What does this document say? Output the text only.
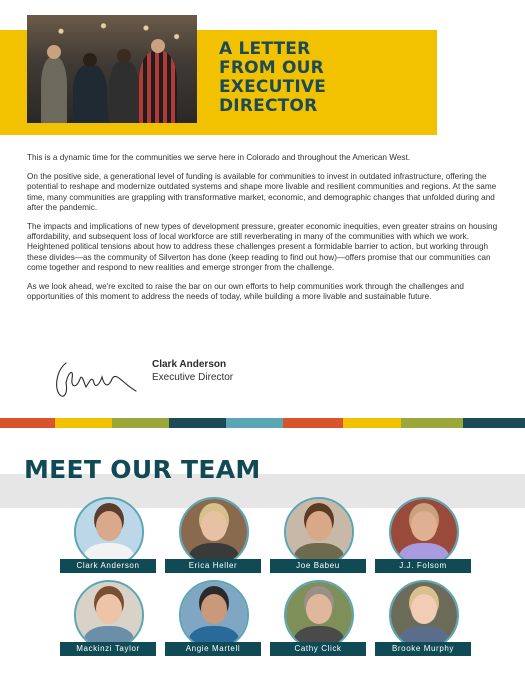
A LETTER
FROM OUR
EXECUTIVE
DIRECTOR

This is a dynamic time for the communities we serve here in Colorado and throughout the American West.

On the positive side, a generational level of funding is available for communities to invest in outdated infrastructure, offering the potential to reshape and modernize outdated systems and shape more livable and resilient communities and regions. At the same time, many communities are grappling with transformative market, economic, and demographic changes that unfolded during and after the pandemic.

The impacts and implications of new types of development pressure, greater economic inequities, even greater strains on housing affordability, and subsequent loss of local workforce are still reverberating in many of the communities with which we work. Heightened political tensions about how to address these challenges present a formidable barrier to action, but working through these divides—as the community of Silverton has done (keep reading to find out how)—offers promise that our communities can come together and respond to new realities and emerge stronger from the challenge.

As we look ahead, we're excited to raise the bar on our own efforts to help communities work through the challenges and opportunities of this moment to address the needs of today, while building a more livable and sustainable future.

Clark Anderson
Executive Director
MEET OUR TEAM
Clark Anderson	Erica Heller	Joe Babeu	J.J. Folsom
Mackinzi Taylor	Angie Martell	Cathy Click	Brooke Murphy
